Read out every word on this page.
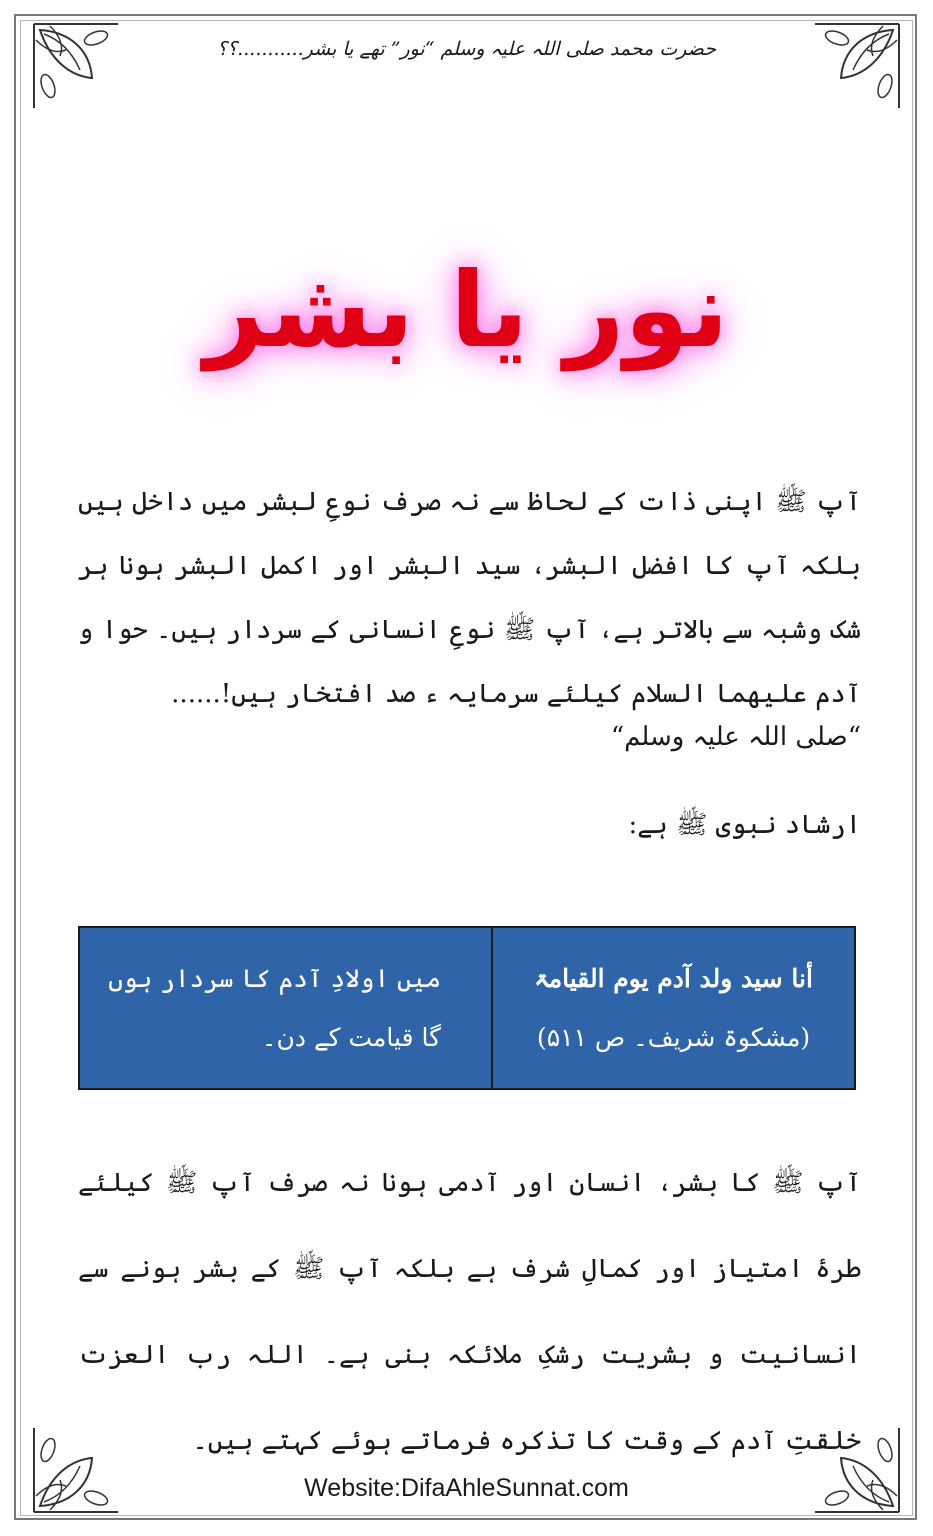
حضرت محمد صلی اللہ علیہ وسلم “نور” تھے یا بشر...........؟؟
نور یا بشر
آپ ﷺ اپنی ذات کے لحاظ سے نہ صرف نوعِ لبشر میں داخل ہیں بلکہ آپ کا افضل البشر، سید البشر اور اکمل البشر ہونا ہر شک وشبہ سے بالاتر ہے، آپ ﷺ نوعِ انسانی کے سردار ہیں۔ حوا و آدم علیھما السلام کیلئے سرمایہ ء صد افتخار ہیں!......
“صلی اللہ علیہ وسلم“
ارشاد نبوی ﷺ ہے:
أنا سید ولد آدم یوم القیامۃ
(مشکوۃ شریف۔ ص ۵۱۱)
میں اولادِ آدم کا سردار ہوں
گا قیامت کے دن۔
آپ ﷺ کا بشر، انسان اور آدمی ہونا نہ صرف آپ ﷺ کیلئے طرۂ امتیاز اور کمالِ شرف ہے بلکہ آپ ﷺ کے بشر ہونے سے انسانیت و بشریت رشکِ ملائکہ بنی ہے۔ اللہ رب العزت خلقتِ آدم کے وقت کا تذکرہ فرماتے ہوئے کہتے ہیں۔
Website:DifaAhleSunnat.com
